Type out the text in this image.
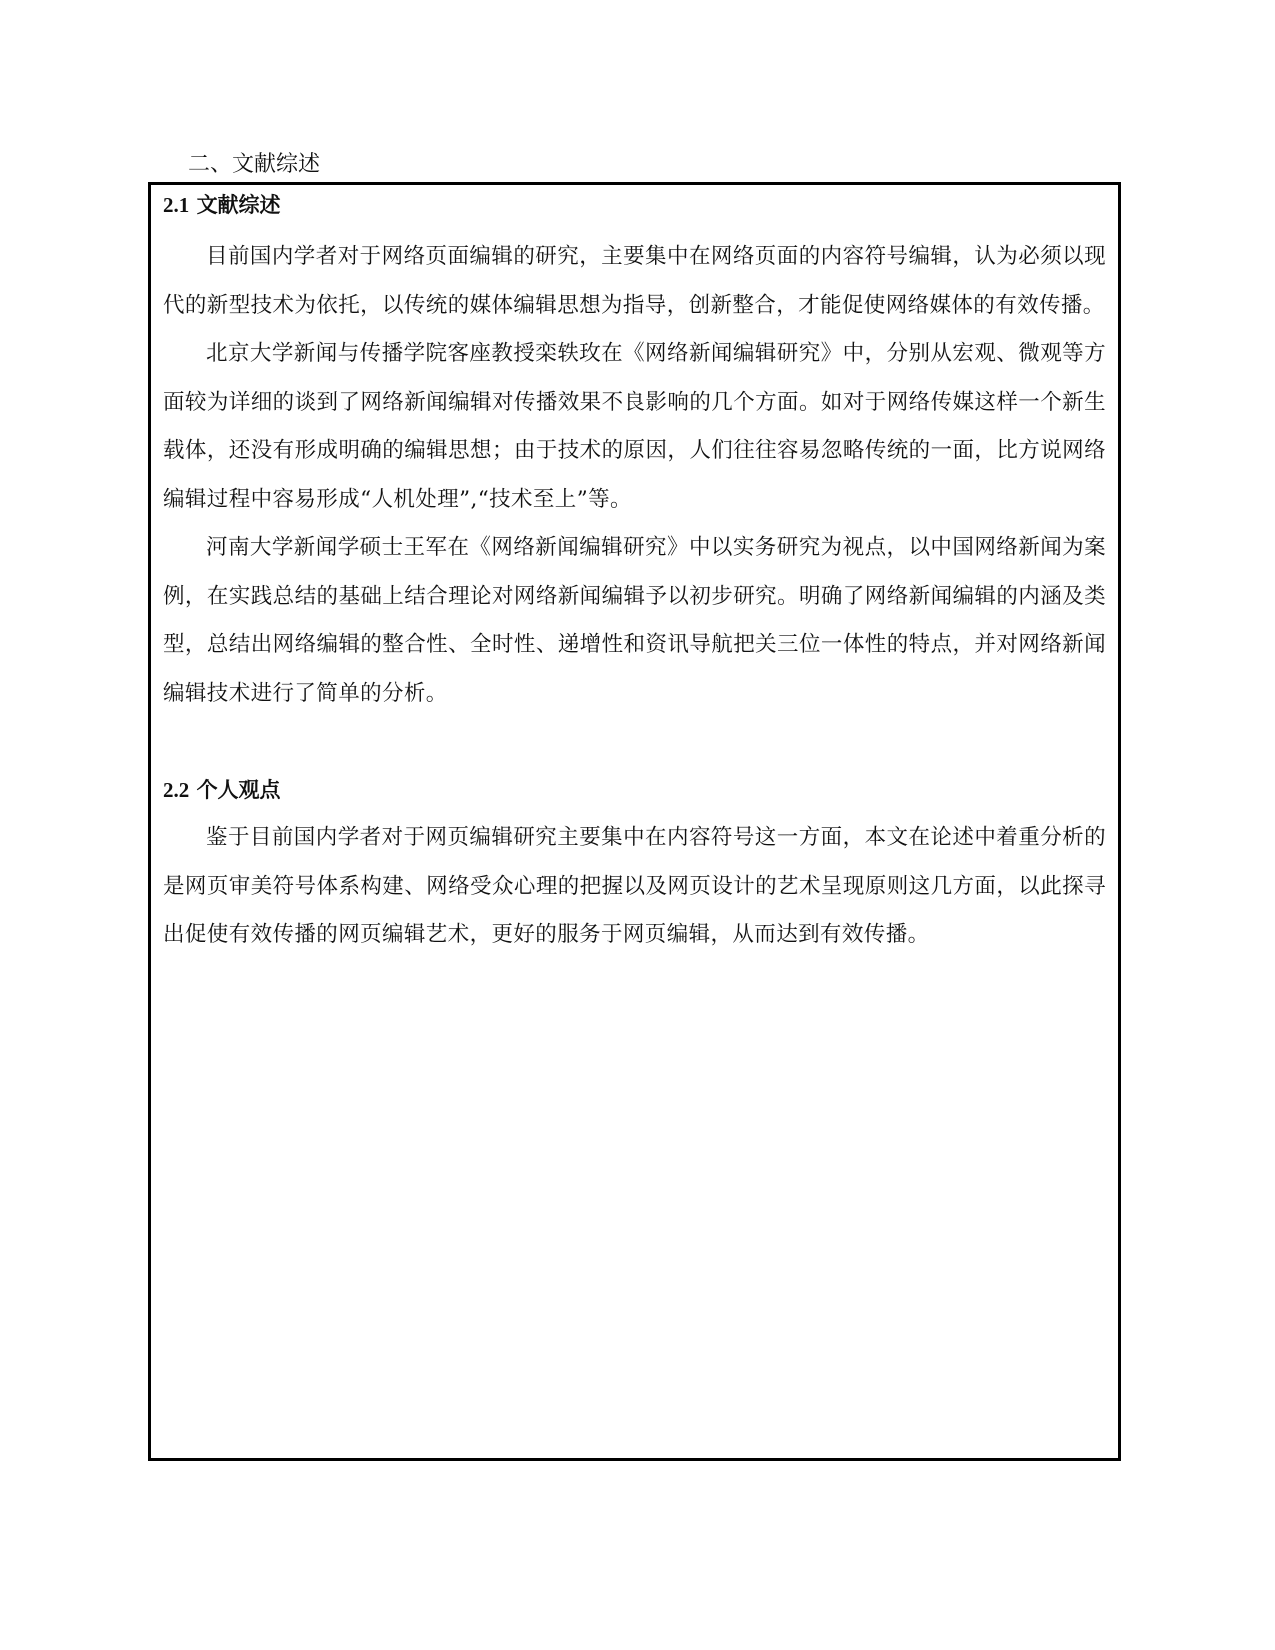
二、文献综述
2.1 文献综述

目前国内学者对于网络页面编辑的研究，主要集中在网络页面的内容符号编辑，认为必须以现代的新型技术为依托，以传统的媒体编辑思想为指导，创新整合，才能促使网络媒体的有效传播。

北京大学新闻与传播学院客座教授栾轶玫在《网络新闻编辑研究》中，分别从宏观、微观等方面较为详细的谈到了网络新闻编辑对传播效果不良影响的几个方面。如对于网络传媒这样一个新生载体，还没有形成明确的编辑思想；由于技术的原因，人们往往容易忽略传统的一面，比方说网络编辑过程中容易形成“人机处理”,“技术至上”等。

河南大学新闻学硕士王军在《网络新闻编辑研究》中以实务研究为视点，以中国网络新闻为案例，在实践总结的基础上结合理论对网络新闻编辑予以初步研究。明确了网络新闻编辑的内涵及类型，总结出网络编辑的整合性、全时性、递增性和资讯导航把关三位一体性的特点，并对网络新闻编辑技术进行了简单的分析。

2.2 个人观点

鉴于目前国内学者对于网页编辑研究主要集中在内容符号这一方面，本文在论述中着重分析的是网页审美符号体系构建、网络受众心理的把握以及网页设计的艺术呈现原则这几方面，以此探寻出促使有效传播的网页编辑艺术，更好的服务于网页编辑，从而达到有效传播。
